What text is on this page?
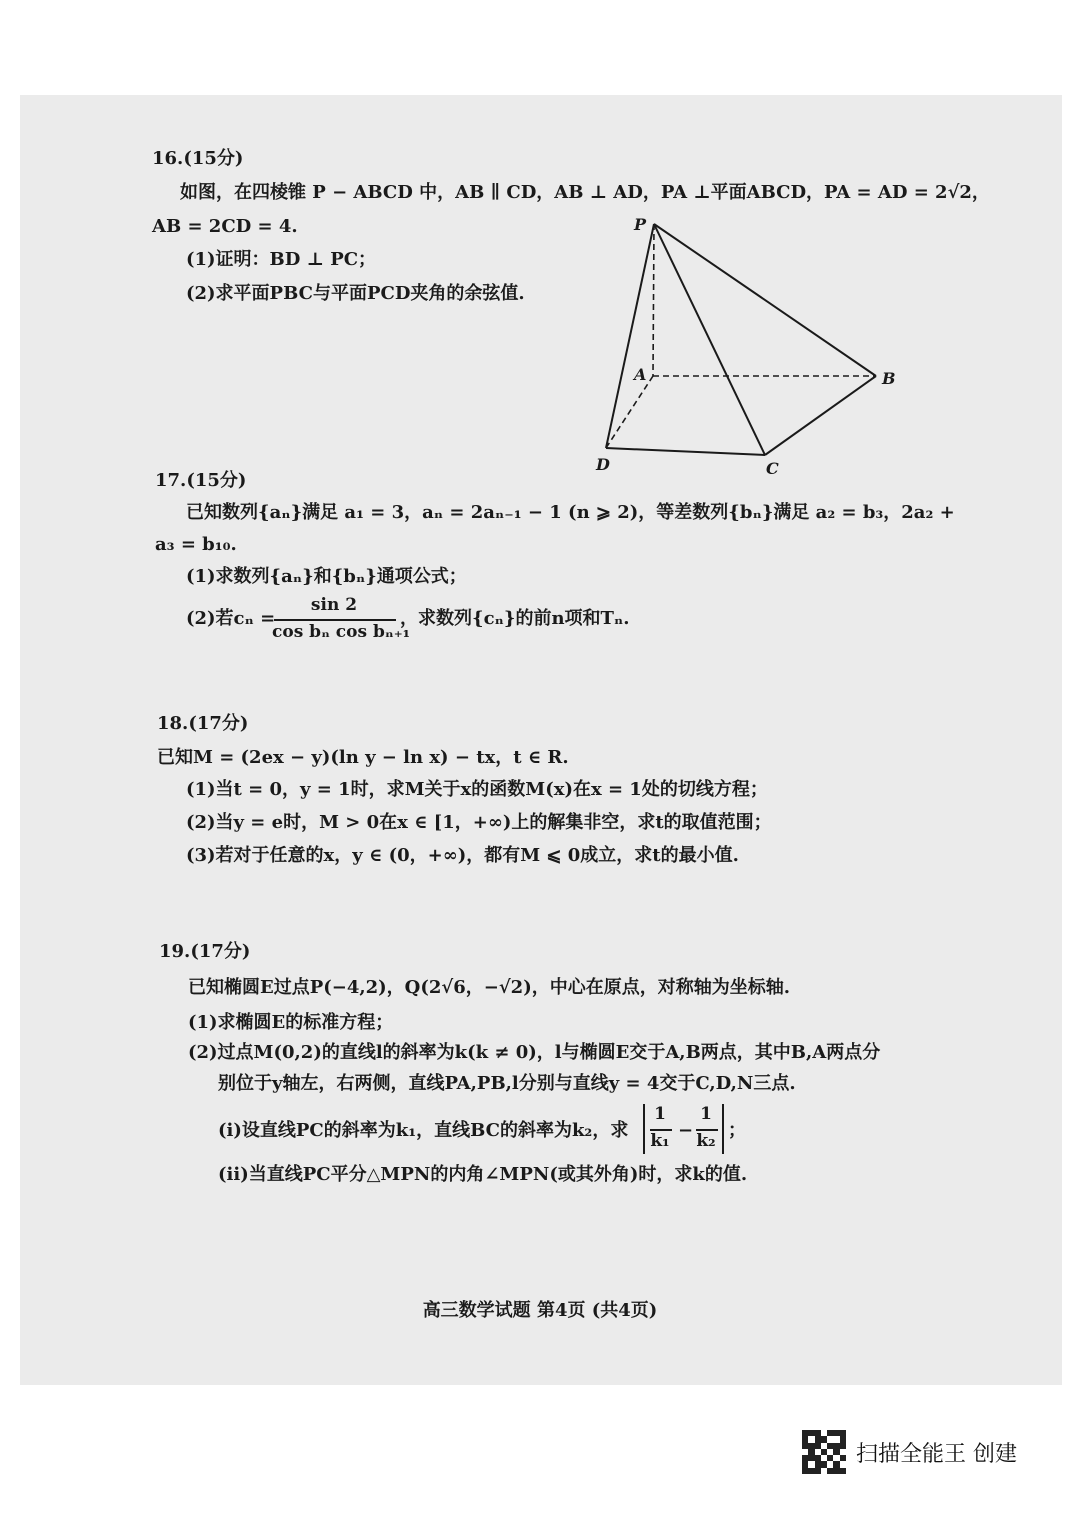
16.(15分)
如图，在四棱锥 P − ABCD 中，AB ∥ CD，AB ⊥ AD，PA ⊥平面ABCD，PA = AD = 2√2，
AB = 2CD = 4.
(1)证明：BD ⊥ PC；
(2)求平面PBC与平面PCD夹角的余弦值.
P
A	B
C
D
17.(15分)
已知数列{aₙ}满足 a₁ = 3，aₙ = 2aₙ₋₁ − 1 (n ⩾ 2)，等差数列{bₙ}满足 a₂ = b₃，2a₂ +
a₃ = b₁₀.
(1)求数列{aₙ}和{bₙ}通项公式；
(2)若cₙ =
sin 2
cos bₙ cos bₙ₊₁
，求数列{cₙ}的前n项和Tₙ.
18.(17分)
已知M = (2ex − y)(ln y − ln x) − tx，t ∈ R.
(1)当t = 0，y = 1时，求M关于x的函数M(x)在x = 1处的切线方程；
(2)当y = e时，M > 0在x ∈ [1，+∞)上的解集非空，求t的取值范围；
(3)若对于任意的x，y ∈ (0，+∞)，都有M ⩽ 0成立，求t的最小值.
19.(17分)
已知椭圆E过点P(−4,2)，Q(2√6，−√2)，中心在原点，对称轴为坐标轴.
(1)求椭圆E的标准方程；
(2)过点M(0,2)的直线l的斜率为k(k ≠ 0)，l与椭圆E交于A,B两点，其中B,A两点分
别位于y轴左，右两侧，直线PA,PB,l分别与直线y = 4交于C,D,N三点.
(i)设直线PC的斜率为k₁，直线BC的斜率为k₂，求
1
k₁ −
1
k₂ ；
(ii)当直线PC平分△MPN的内角∠MPN(或其外角)时，求k的值.
高三数学试题 第4页 (共4页)
扫描全能王 创建
